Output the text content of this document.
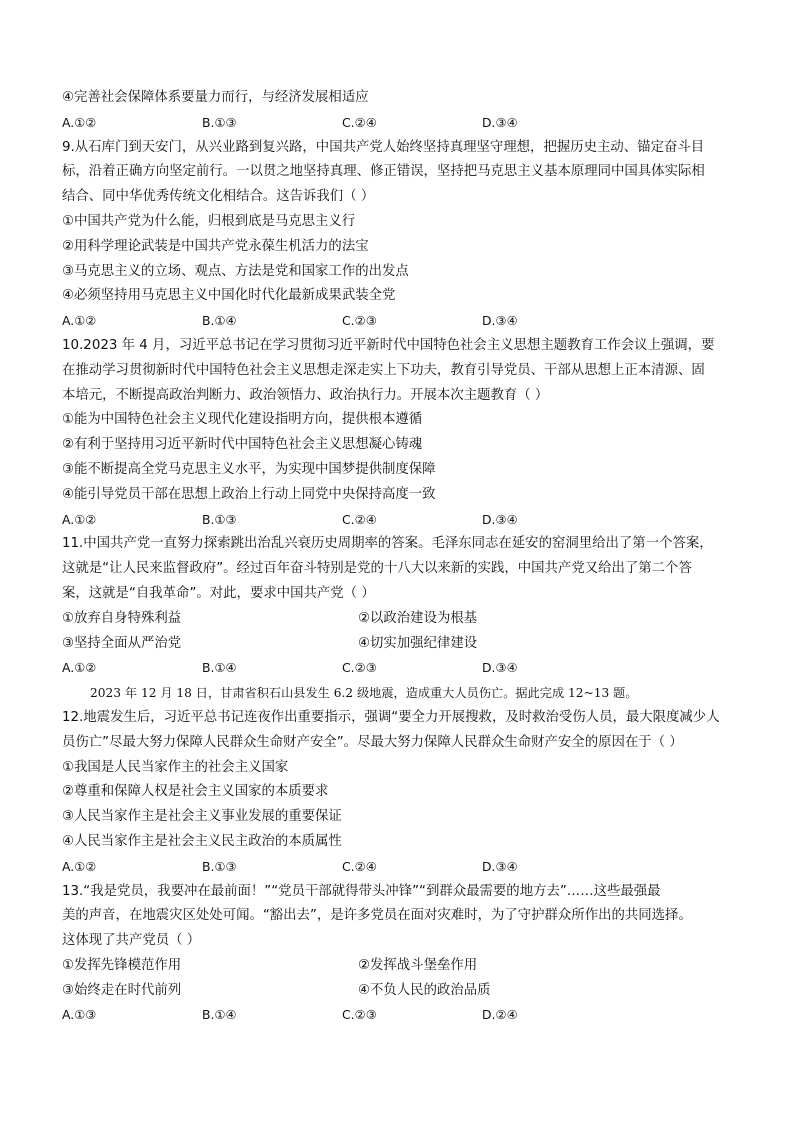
④完善社会保障体系要量力而行，与经济发展相适应
A.①②	B.①③	C.②④	D.③④
9.从石库门到天安门，从兴业路到复兴路，中国共产党人始终坚持真理坚守理想，把握历史主动、锚定奋斗目
标，沿着正确方向坚定前行。一以贯之地坚持真理、修正错误，坚持把马克思主义基本原理同中国具体实际相
结合、同中华优秀传统文化相结合。这告诉我们（ ）
①中国共产党为什么能，归根到底是马克思主义行
②用科学理论武装是中国共产党永葆生机活力的法宝
③马克思主义的立场、观点、方法是党和国家工作的出发点
④必须坚持用马克思主义中国化时代化最新成果武装全党
A.①②	B.①④	C.②③	D.③④
10.2023 年 4 月，习近平总书记在学习贯彻习近平新时代中国特色社会主义思想主题教育工作会议上强调，要
在推动学习贯彻新时代中国特色社会主义思想走深走实上下功夫，教育引导党员、干部从思想上正本清源、固
本培元，不断提高政治判断力、政治领悟力、政治执行力。开展本次主题教育（ ）
①能为中国特色社会主义现代化建设指明方向，提供根本遵循
②有利于坚持用习近平新时代中国特色社会主义思想凝心铸魂
③能不断提高全党马克思主义水平，为实现中国梦提供制度保障
④能引导党员干部在思想上政治上行动上同党中央保持高度一致
A.①②	B.①③	C.②④	D.③④
11.中国共产党一直努力探索跳出治乱兴衰历史周期率的答案。毛泽东同志在延安的窑洞里给出了第一个答案，
这就是“让人民来监督政府”。经过百年奋斗特别是党的十八大以来新的实践，中国共产党又给出了第二个答
案，这就是“自我革命”。对此，要求中国共产党（ ）
①放弃自身特殊利益	②以政治建设为根基
③坚持全面从严治党	④切实加强纪律建设
A.①②	B.①④	C.②③	D.③④
2023 年 12 月 18 日，甘肃省积石山县发生 6.2 级地震，造成重大人员伤亡。据此完成 12~13 题。
12.地震发生后，习近平总书记连夜作出重要指示，强调“要全力开展搜救，及时救治受伤人员，最大限度减少人
员伤亡”尽最大努力保障人民群众生命财产安全”。尽最大努力保障人民群众生命财产安全的原因在于（ ）
①我国是人民当家作主的社会主义国家
②尊重和保障人权是社会主义国家的本质要求
③人民当家作主是社会主义事业发展的重要保证
④人民当家作主是社会主义民主政治的本质属性
A.①②	B.①③	C.②④	D.③④
13.“我是党员，我要冲在最前面！”“党员干部就得带头冲锋”“到群众最需要的地方去”……这些最强最
美的声音，在地震灾区处处可闻。“豁出去”，是许多党员在面对灾难时，为了守护群众所作出的共同选择。
这体现了共产党员（ ）
①发挥先锋模范作用	②发挥战斗堡垒作用
③始终走在时代前列	④不负人民的政治品质
A.①③	B.①④	C.②③	D.②④
